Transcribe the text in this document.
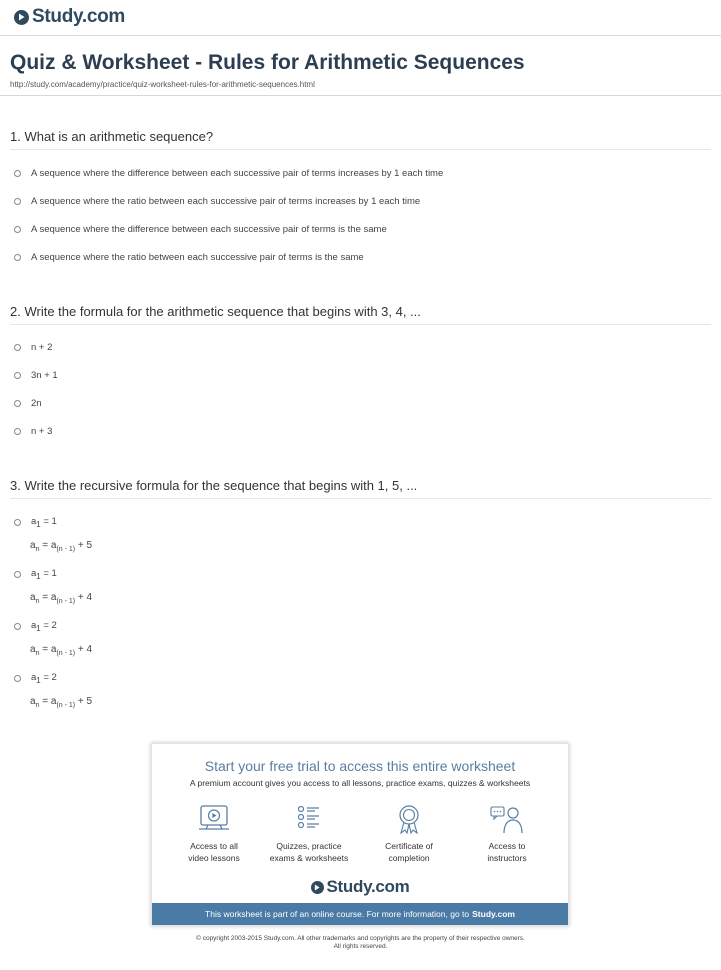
Study.com
Quiz & Worksheet - Rules for Arithmetic Sequences
http://study.com/academy/practice/quiz-worksheet-rules-for-arithmetic-sequences.html
1. What is an arithmetic sequence?
A sequence where the difference between each successive pair of terms increases by 1 each time
A sequence where the ratio between each successive pair of terms increases by 1 each time
A sequence where the difference between each successive pair of terms is the same
A sequence where the ratio between each successive pair of terms is the same
2. Write the formula for the arithmetic sequence that begins with 3, 4, ...
n + 2
3n + 1
2n
n + 3
3. Write the recursive formula for the sequence that begins with 1, 5, ...
$a_1 = 1$
$a_n = a_{(n - 1)} + 5$
$a_1 = 1$
$a_n = a_{(n - 1)} + 4$
$a_1 = 2$
$a_n = a_{(n - 1)} + 4$
$a_1 = 2$
$a_n = a_{(n - 1)} + 5$
Start your free trial to access this entire worksheet
A premium account gives you access to all lessons, practice exams, quizzes & worksheets
Access to all
video lessons
Quizzes, practice
exams & worksheets
Certificate of
completion
Access to
instructors
Study.com
This worksheet is part of an online course. For more information, go to Study.com
© copyright 2003-2015 Study.com. All other trademarks and copyrights are the property of their respective owners.
All rights reserved.
